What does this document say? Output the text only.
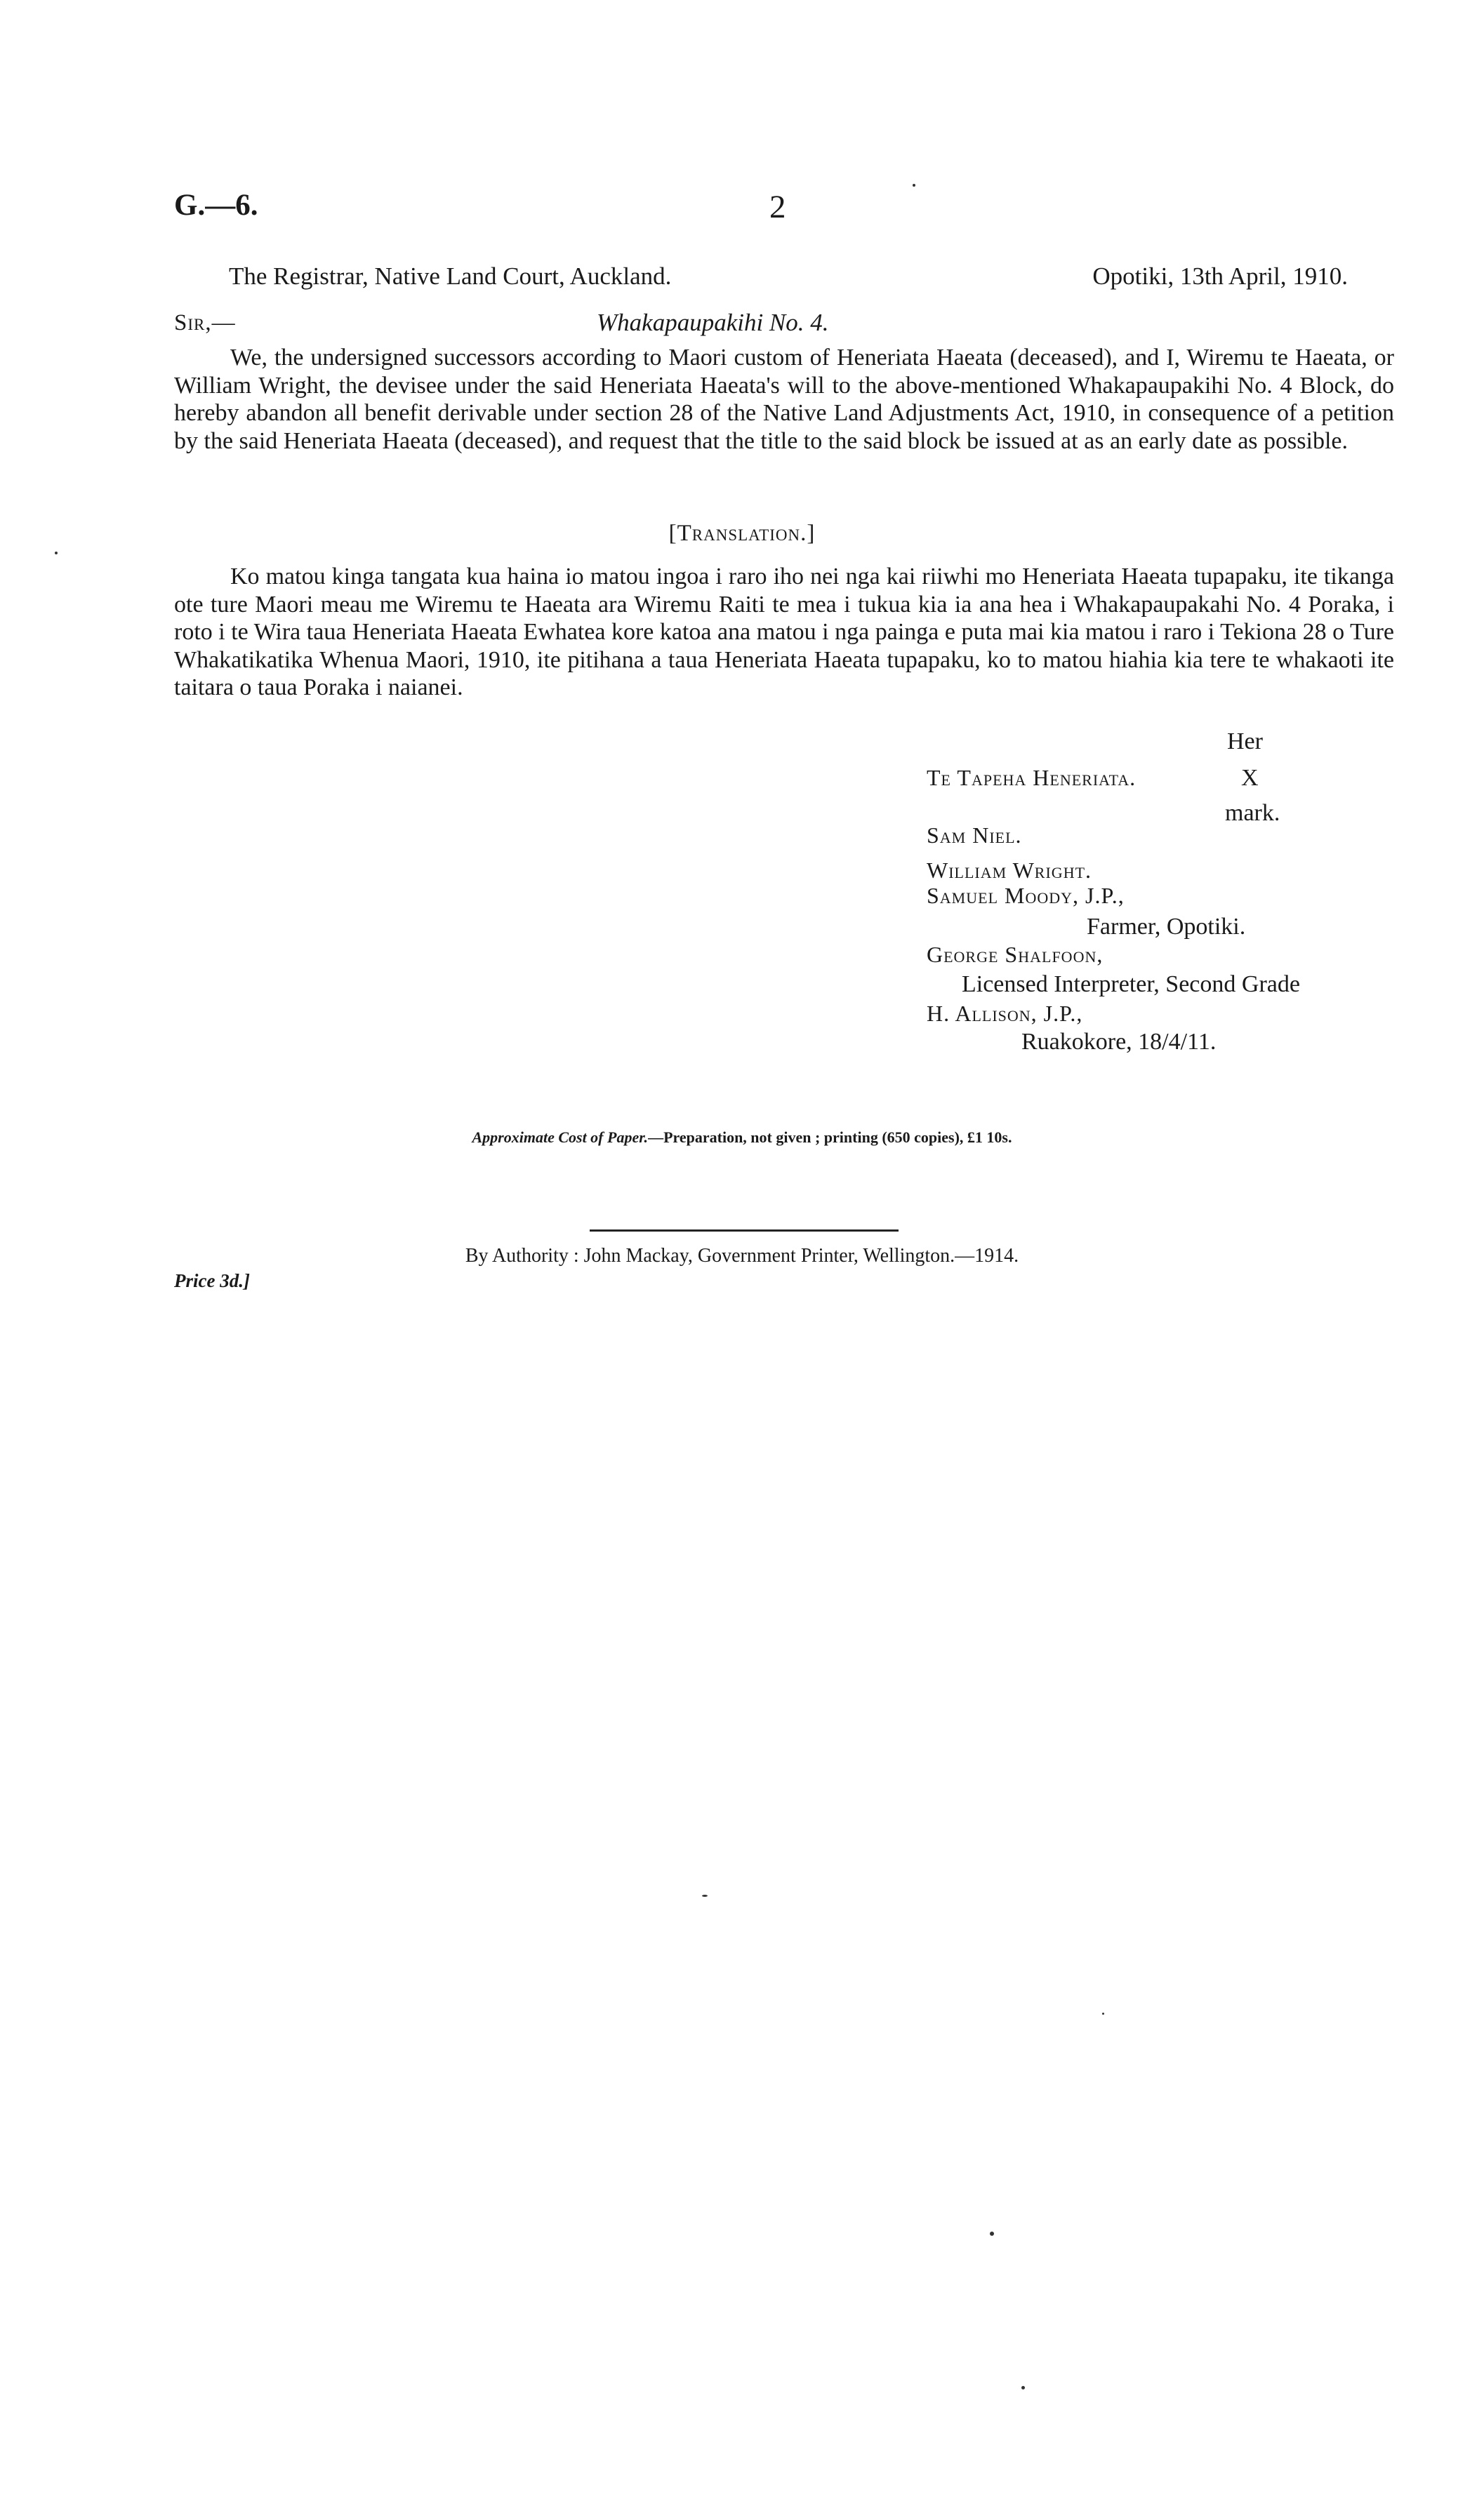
G.—6.	2
The Registrar, Native Land Court, Auckland.	Opotiki, 13th April, 1910.
Sir,—	Whakapaupakihi No. 4.
We, the undersigned successors according to Maori custom of Heneriata Haeata (deceased), and I, Wiremu te Haeata, or William Wright, the devisee under the said Heneriata Haeata's will to the above-mentioned Whakapaupakihi No. 4 Block, do hereby abandon all benefit derivable under section 28 of the Native Land Adjustments Act, 1910, in consequence of a petition by the said Heneriata Haeata (deceased), and request that the title to the said block be issued at as an early date as possible.
[Translation.]
Ko matou kinga tangata kua haina io matou ingoa i raro iho nei nga kai riiwhi mo Heneriata Haeata tupapaku, ite tikanga ote ture Maori meau me Wiremu te Haeata ara Wiremu Raiti te mea i tukua kia ia ana hea i Whakapaupakahi No. 4 Poraka, i roto i te Wira taua Heneriata Haeata Ewhatea kore katoa ana matou i nga painga e puta mai kia matou i raro i Tekiona 28 o Ture Whakatikatika Whenua Maori, 1910, ite pitihana a taua Heneriata Haeata tupapaku, ko to matou hiahia kia tere te whakaoti ite taitara o taua Poraka i naianei.
Her
Te Tapeha Heneriata.	X
mark.
Sam Niel.
William Wright.
Samuel Moody, J.P.,
Farmer, Opotiki.
George Shalfoon,
Licensed Interpreter, Second Grade
H. Allison, J.P.,
Ruakokore, 18/4/11.
Approximate Cost of Paper.—Preparation, not given ; printing (650 copies), £1 10s.
By Authority : John Mackay, Government Printer, Wellington.—1914.
Price 3d.]
